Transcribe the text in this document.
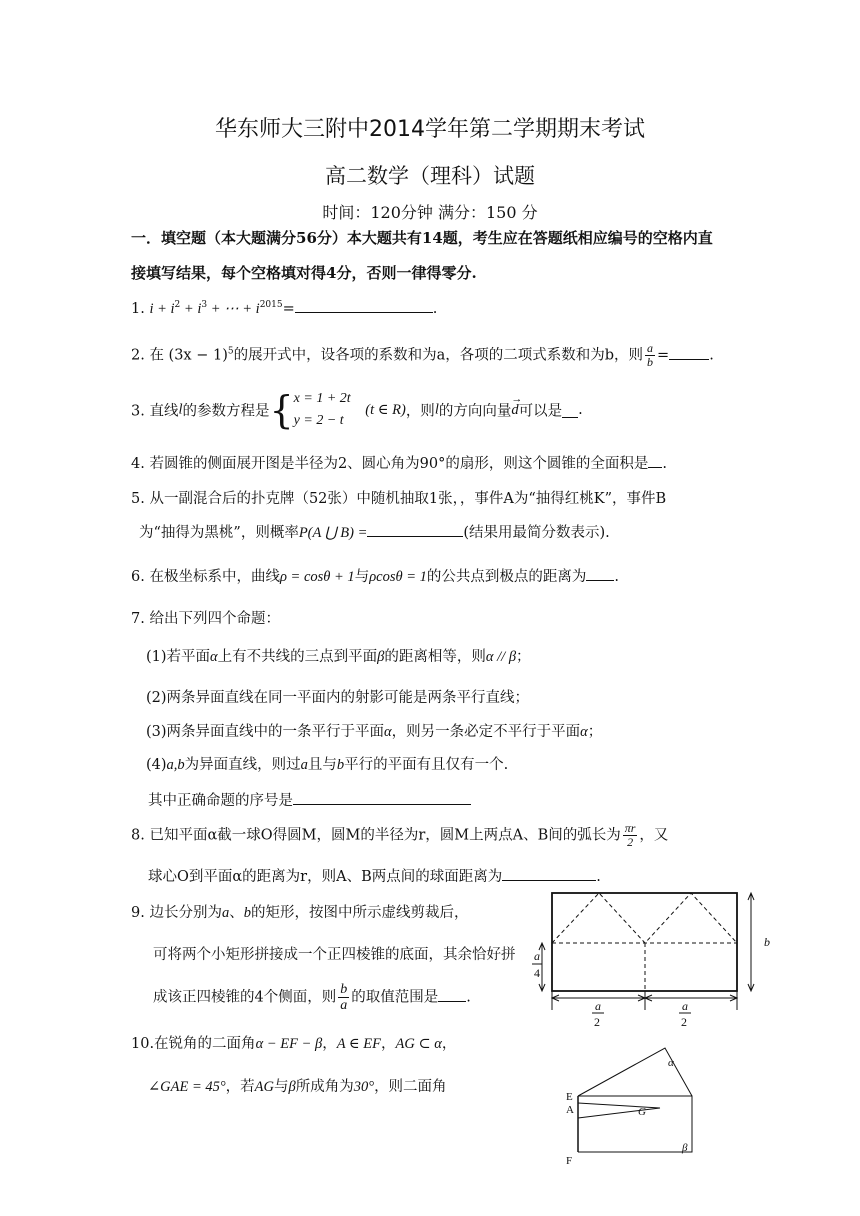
华东师大三附中2014学年第二学期期末考试
高二数学（理科）试题
时间：120分钟 满分：150 分
一．填空题（本大题满分56分）本大题共有14题，考生应在答题纸相应编号的空格内直
接填写结果，每个空格填对得4分，否则一律得零分.
1. $i + i^2 + i^3$ + ⋯ + $i^{2015}=$	.
2. 在 $(3x - 1)^5$的展开式中，设各项的系数和为a，各项的二项式系数和为b，则 $\frac{a}{b}$ =	.
3. 直线l的参数方程是{ x = 1 + 2t
y = 2 − t
(t ∈ R)，则l的方向向量
→
d可以是 .
4. 若圆锥的侧面展开图是半径为2、圆心角为90°的扇形，则这个圆锥的全面积是 .
5. 从一副混合后的扑克牌（52张）中随机抽取1张，，事件A为“抽得红桃K”，事件B
为“抽得为黑桃”，则概率P(A ⋃ B) =	(结果用最简分数表示).
6. 在极坐标系中，曲线ρ = cosθ + 1与ρcosθ = 1的公共点到极点的距离为 .
7. 给出下列四个命题：
(1)若平面α上有不共线的三点到平面β的距离相等，则α // β；
(2)两条异面直线在同一平面内的射影可能是两条平行直线；
(3)两条异面直线中的一条平行于平面α，则另一条必定不平行于平面α；
(4)a,b为异面直线，则过a且与b平行的平面有且仅有一个.
其中正确命题的序号是
8. 已知平面α截一球O得圆M，圆M的半径为r，圆M上两点A、B间的弧长为 $\frac{\pi r}{2}$ ，又
球心O到平面α的距离为r，则A、B两点间的球面距离为	.
9. 边长分别为a、b的矩形，按图中所示虚线剪裁后，
可将两个小矩形拼接成一个正四棱锥的底面，其余恰好拼
成该正四棱锥的4个侧面，则 $\frac{b}{a}$ 的取值范围是 .
b
a
4
a
2
a
2
10.在锐角的二面角α − EF − β，A ∈ EF，AG ⊂ α，
∠GAE = 45°，若AG与β所成角为30°，则二面角
α
β
E
A	G
F
